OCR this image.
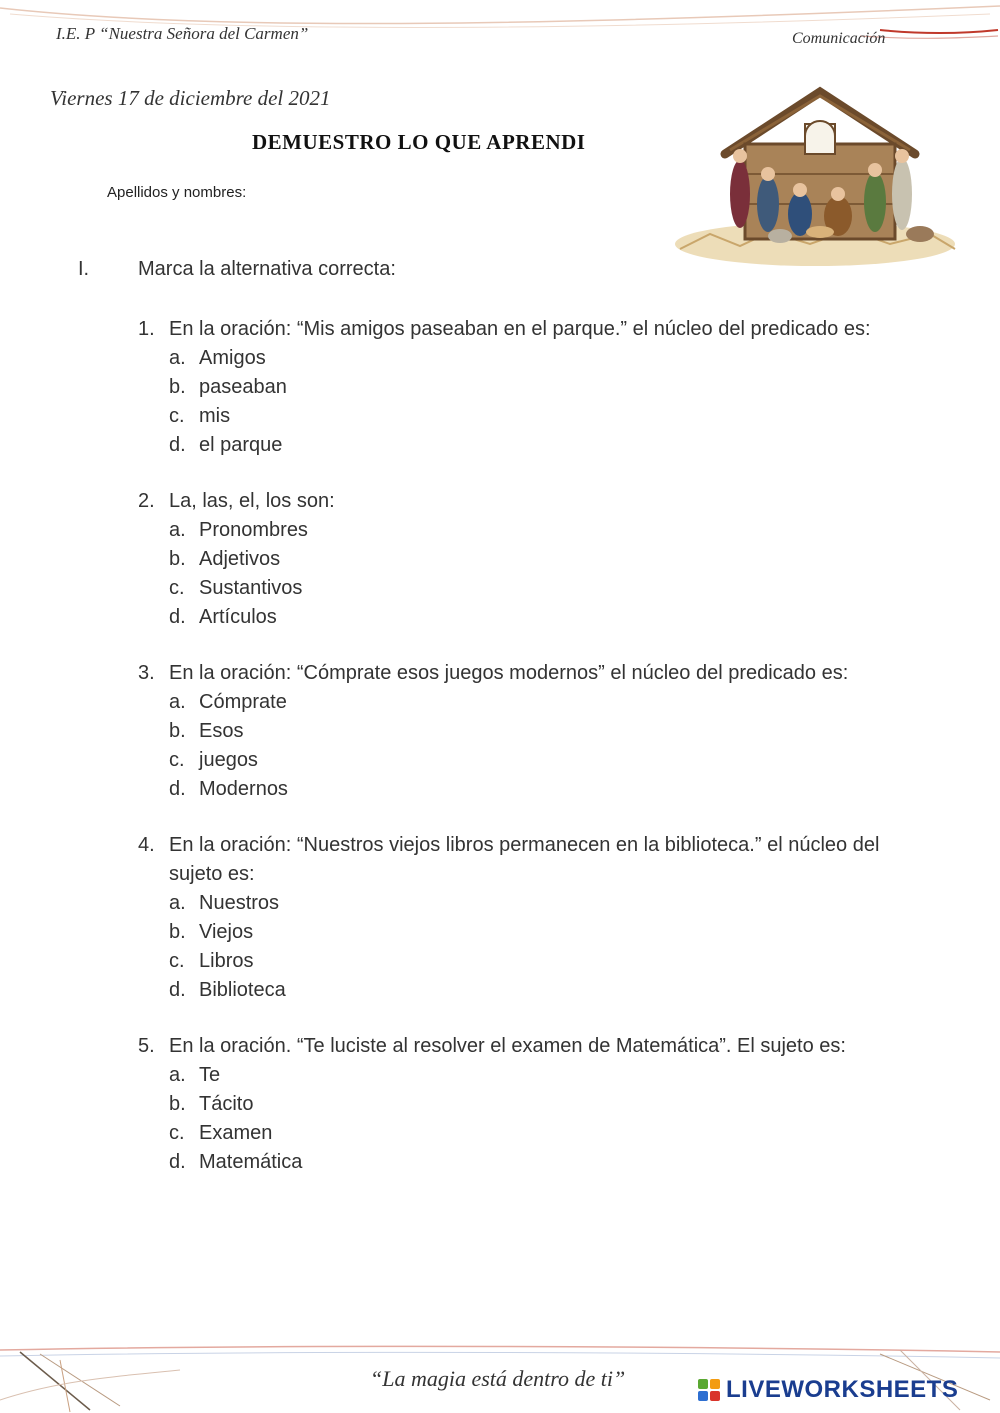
I.E. P “Nuestra Señora del Carmen”	Comunicación
Viernes 17 de diciembre del 2021
DEMUESTRO LO QUE APRENDI
Apellidos y nombres:
I. Marca la alternativa correcta:
1. En la oración: “Mis amigos paseaban en el parque.” el núcleo del predicado es:
a. Amigos
b. paseaban
c. mis
d. el parque
2. La, las, el, los son:
a. Pronombres
b. Adjetivos
c. Sustantivos
d. Artículos
3. En la oración: “Cómprate esos juegos modernos” el núcleo del predicado es:
a. Cómprate
b. Esos
c. juegos
d. Modernos
4. En la oración: “Nuestros viejos libros permanecen en la biblioteca.” el núcleo del sujeto es:
a. Nuestros
b. Viejos
c. Libros
d. Biblioteca
5. En la oración. “Te luciste al resolver el examen de Matemática”. El sujeto es:
a. Te
b. Tácito
c. Examen
d. Matemática
“La magia está dentro de ti”	LIVEWORKSHEETS
